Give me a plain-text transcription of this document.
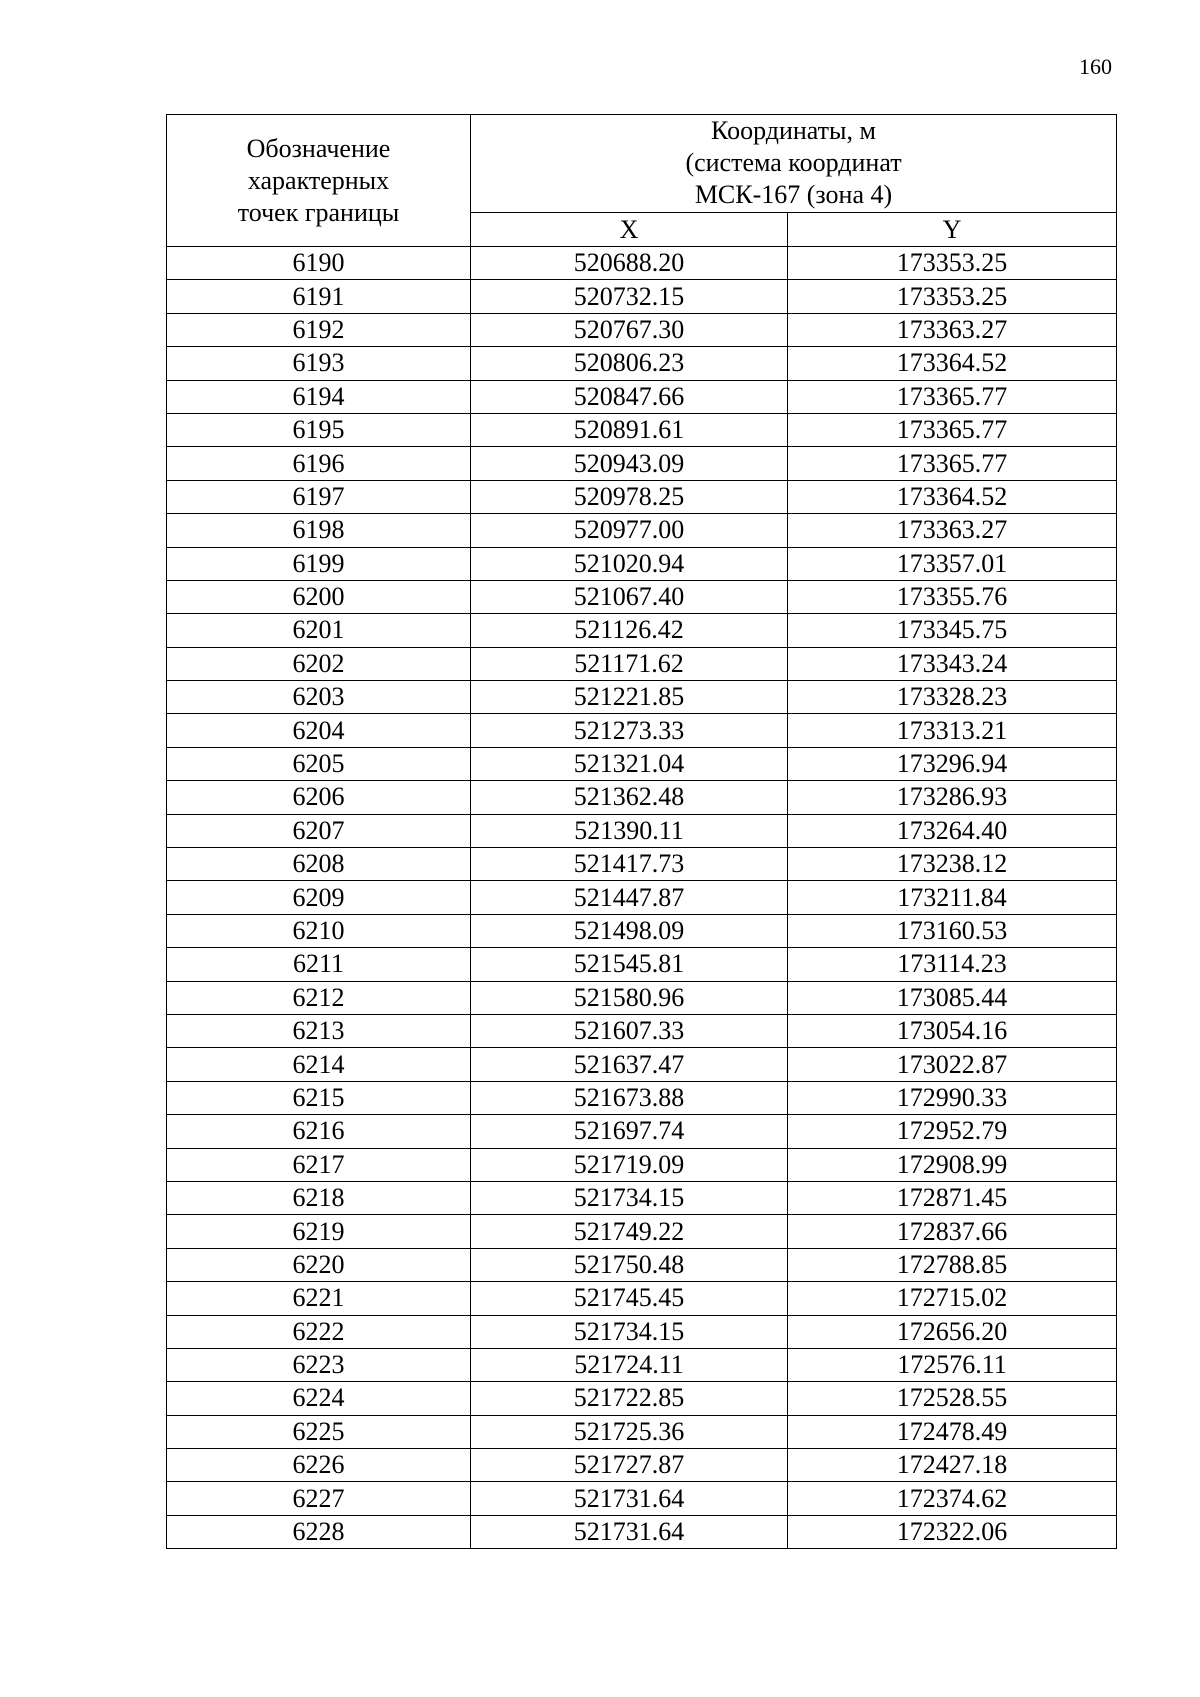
160
Обозначение
характерных
точек границы	Координаты, м
(система координат
МСК-167 (зона 4)	

	X	Y
6190	520688.20	173353.25
6191	520732.15	173353.25
6192	520767.30	173363.27
6193	520806.23	173364.52
6194	520847.66	173365.77
6195	520891.61	173365.77
6196	520943.09	173365.77
6197	520978.25	173364.52
6198	520977.00	173363.27
6199	521020.94	173357.01
6200	521067.40	173355.76
6201	521126.42	173345.75
6202	521171.62	173343.24
6203	521221.85	173328.23
6204	521273.33	173313.21
6205	521321.04	173296.94
6206	521362.48	173286.93
6207	521390.11	173264.40
6208	521417.73	173238.12
6209	521447.87	173211.84
6210	521498.09	173160.53
6211	521545.81	173114.23
6212	521580.96	173085.44
6213	521607.33	173054.16
6214	521637.47	173022.87
6215	521673.88	172990.33
6216	521697.74	172952.79
6217	521719.09	172908.99
6218	521734.15	172871.45
6219	521749.22	172837.66
6220	521750.48	172788.85
6221	521745.45	172715.02
6222	521734.15	172656.20
6223	521724.11	172576.11
6224	521722.85	172528.55
6225	521725.36	172478.49
6226	521727.87	172427.18
6227	521731.64	172374.62
6228	521731.64	172322.06
